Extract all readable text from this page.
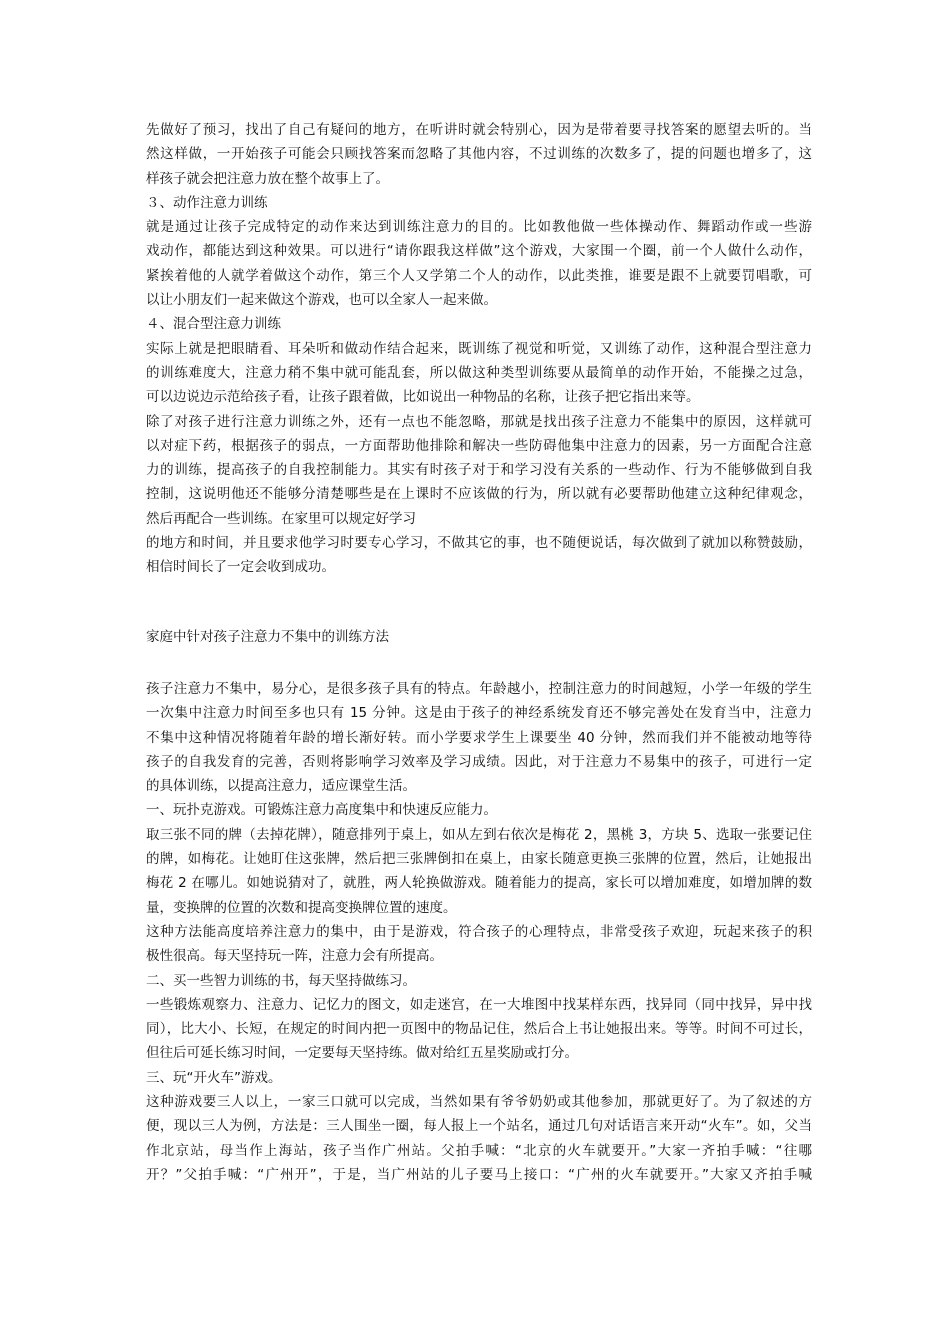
先做好了预习，找出了自己有疑问的地方，在听讲时就会特别心，因为是带着要寻找答案的愿望去听的。当
然这样做，一开始孩子可能会只顾找答案而忽略了其他内容，不过训练的次数多了，提的问题也增多了，这
样孩子就会把注意力放在整个故事上了。
３、动作注意力训练
就是通过让孩子完成特定的动作来达到训练注意力的目的。比如教他做一些体操动作、舞蹈动作或一些游
戏动作，都能达到这种效果。可以进行“请你跟我这样做”这个游戏，大家围一个圈，前一个人做什么动作，
紧挨着他的人就学着做这个动作，第三个人又学第二个人的动作，以此类推，谁要是跟不上就要罚唱歌，可
以让小朋友们一起来做这个游戏，也可以全家人一起来做。
４、混合型注意力训练
实际上就是把眼睛看、耳朵听和做动作结合起来，既训练了视觉和听觉，又训练了动作，这种混合型注意力
的训练难度大，注意力稍不集中就可能乱套，所以做这种类型训练要从最简单的动作开始，不能操之过急，
可以边说边示范给孩子看，让孩子跟着做，比如说出一种物品的名称，让孩子把它指出来等。
除了对孩子进行注意力训练之外，还有一点也不能忽略，那就是找出孩子注意力不能集中的原因，这样就可
以对症下药，根据孩子的弱点，一方面帮助他排除和解决一些防碍他集中注意力的因素，另一方面配合注意
力的训练，提高孩子的自我控制能力。其实有时孩子对于和学习没有关系的一些动作、行为不能够做到自我
控制，这说明他还不能够分清楚哪些是在上课时不应该做的行为，所以就有必要帮助他建立这种纪律观念，
然后再配合一些训练。在家里可以规定好学习
的地方和时间，并且要求他学习时要专心学习，不做其它的事，也不随便说话，每次做到了就加以称赞鼓励，
相信时间长了一定会收到成功。
家庭中针对孩子注意力不集中的训练方法
孩子注意力不集中，易分心，是很多孩子具有的特点。年龄越小，控制注意力的时间越短，小学一年级的学生
一次集中注意力时间至多也只有 15 分钟。这是由于孩子的神经系统发育还不够完善处在发育当中，注意力
不集中这种情况将随着年龄的增长渐好转。而小学要求学生上课要坐 40 分钟，然而我们并不能被动地等待
孩子的自我发育的完善，否则将影响学习效率及学习成绩。因此，对于注意力不易集中的孩子，可进行一定
的具体训练，以提高注意力，适应课堂生活。
一、玩扑克游戏。可锻炼注意力高度集中和快速反应能力。
取三张不同的牌（去掉花牌），随意排列于桌上，如从左到右依次是梅花 2，黑桃 3，方块 5、选取一张要记住
的牌，如梅花。让她盯住这张牌，然后把三张牌倒扣在桌上，由家长随意更换三张牌的位置，然后，让她报出
梅花 2 在哪儿。如她说猜对了，就胜，两人轮换做游戏。随着能力的提高，家长可以增加难度，如增加牌的数
量，变换牌的位置的次数和提高变换牌位置的速度。
这种方法能高度培养注意力的集中，由于是游戏，符合孩子的心理特点，非常受孩子欢迎，玩起来孩子的积
极性很高。每天坚持玩一阵，注意力会有所提高。
二、买一些智力训练的书，每天坚持做练习。
一些锻炼观察力、注意力、记忆力的图文，如走迷宫，在一大堆图中找某样东西，找异同（同中找异，异中找
同），比大小、长短，在规定的时间内把一页图中的物品记住，然后合上书让她报出来。等等。时间不可过长，
但往后可延长练习时间，一定要每天坚持练。做对给红五星奖励或打分。
三、玩“开火车”游戏。
这种游戏要三人以上，一家三口就可以完成，当然如果有爷爷奶奶或其他参加，那就更好了。为了叙述的方
便，现以三人为例，方法是：三人围坐一圈，每人报上一个站名，通过几句对话语言来开动“火车”。如，父当
作北京站，母当作上海站，孩子当作广州站。父拍手喊：“北京的火车就要开。”大家一齐拍手喊：“往哪
开？”父拍手喊：“广州开”，于是，当广州站的儿子要马上接口：“广州的火车就要开。”大家又齐拍手喊
